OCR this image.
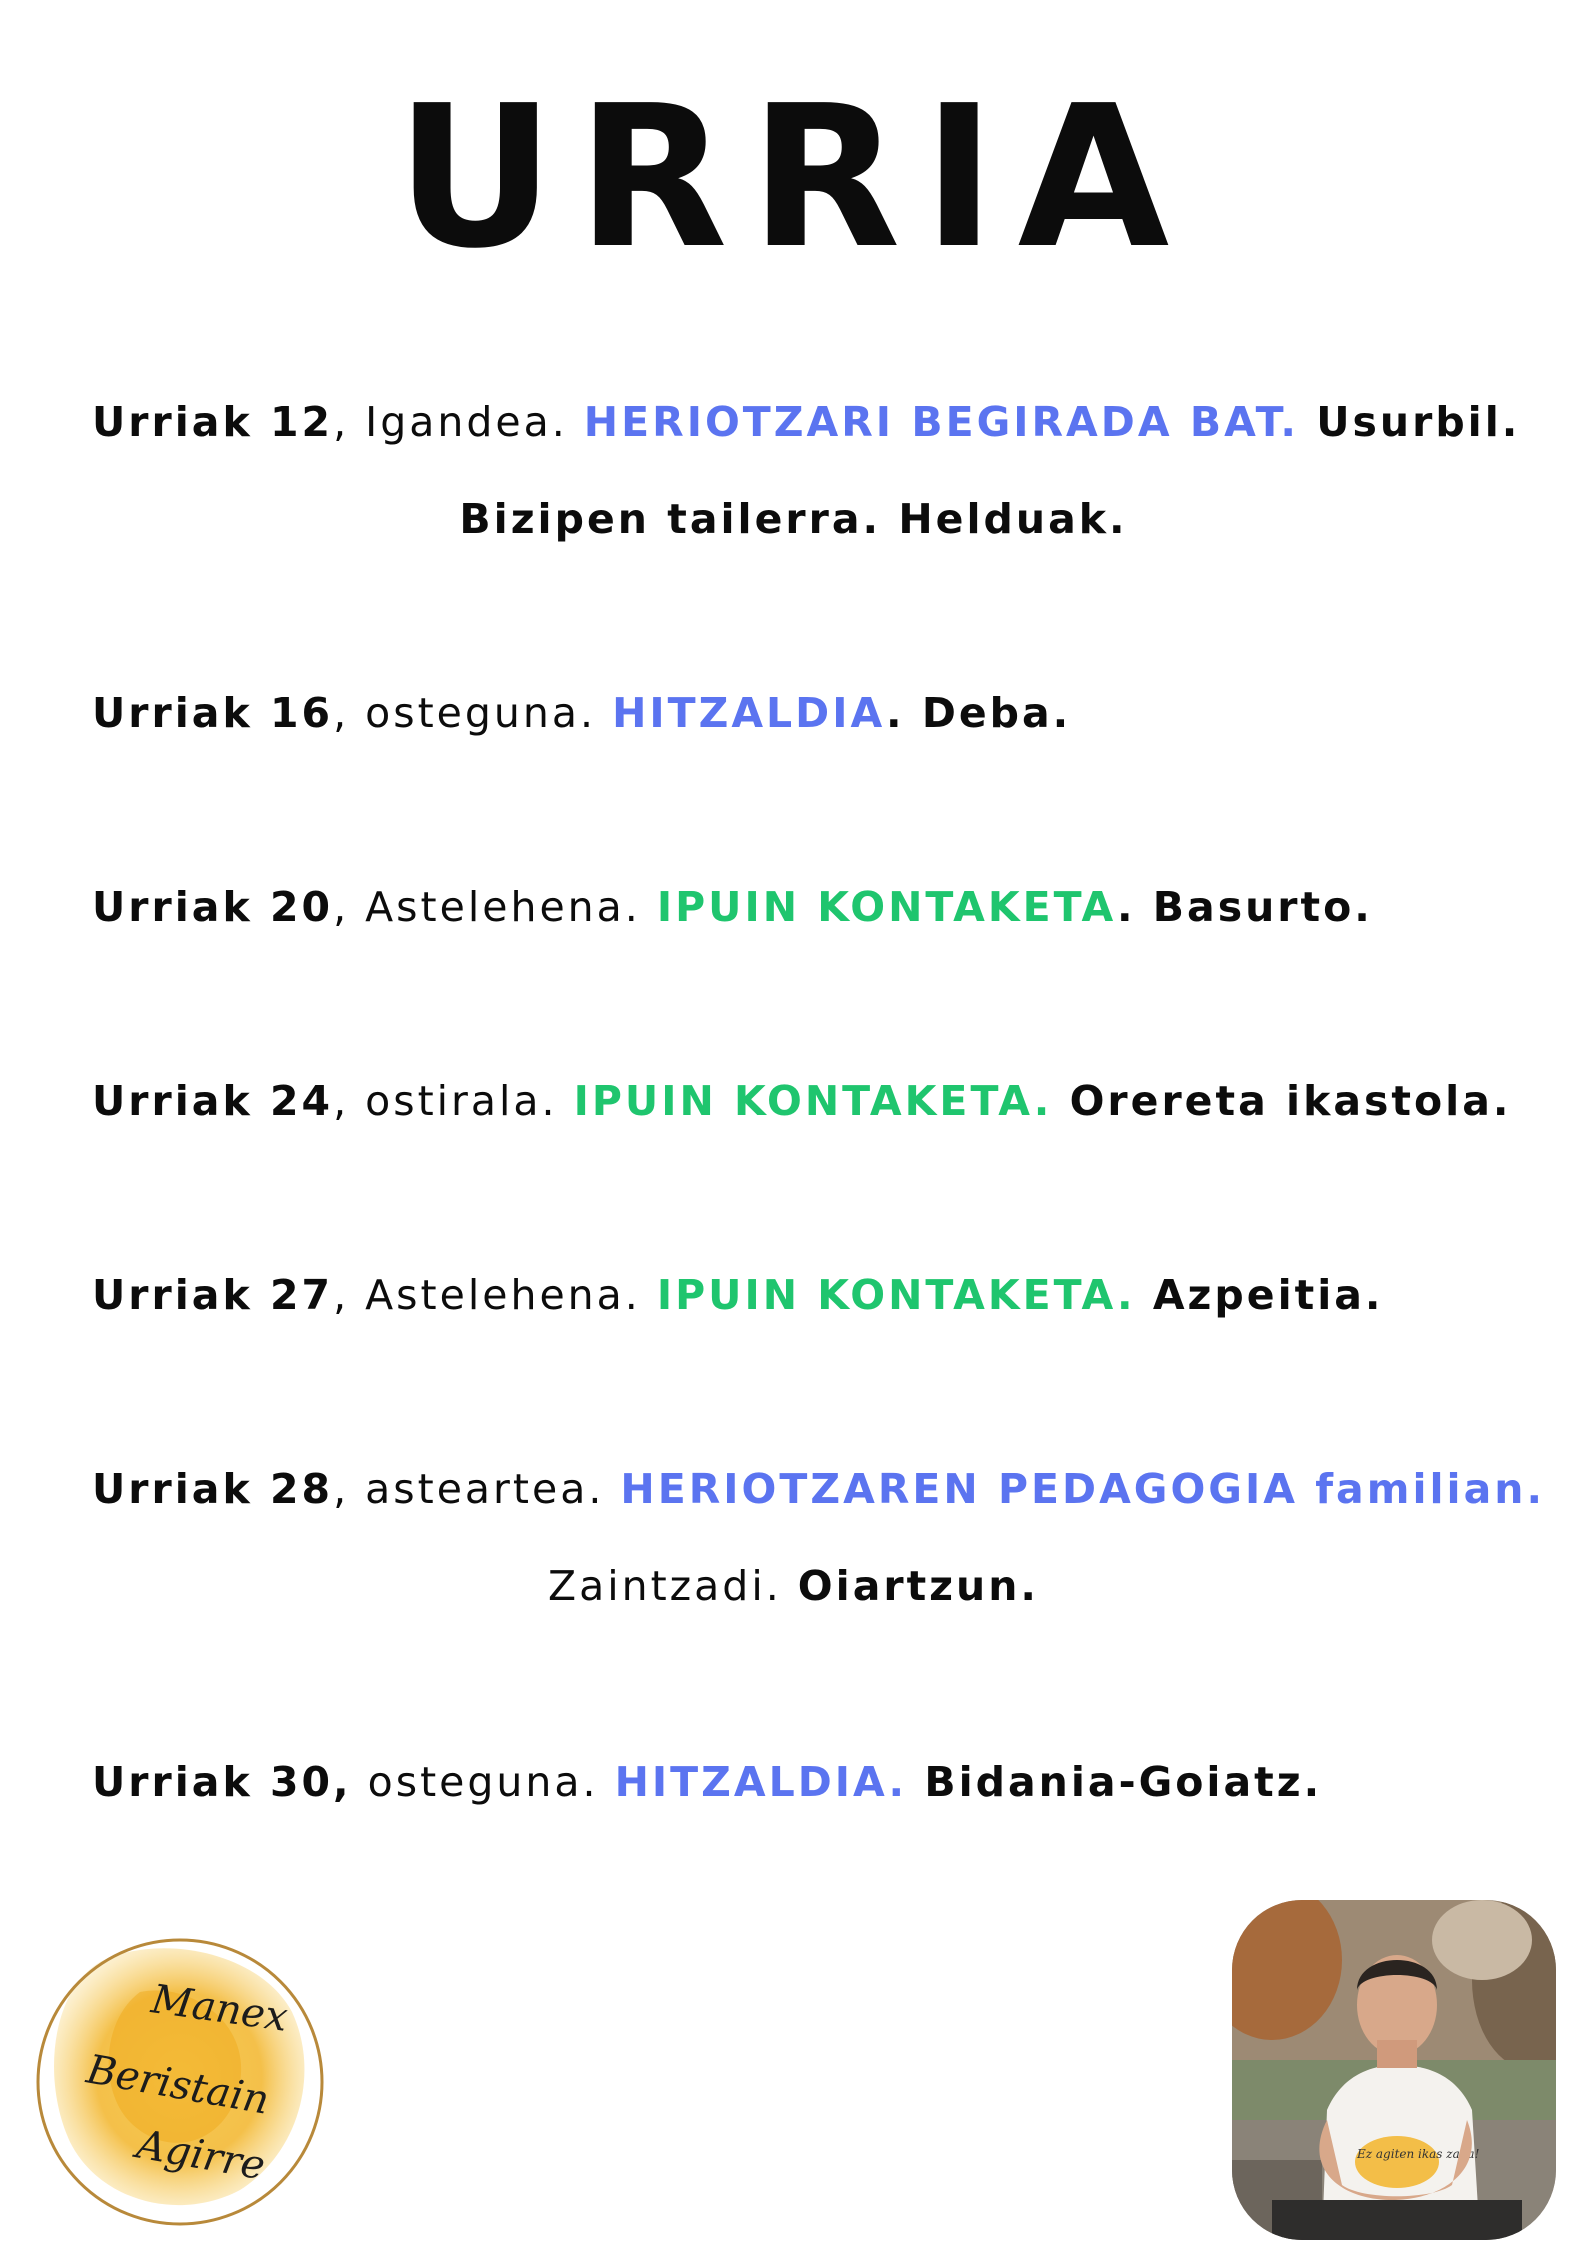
URRIA
Urriak 12, Igandea. HERIOTZARI BEGIRADA BAT. Usurbil.
Bizipen tailerra. Helduak.
Urriak 16, osteguna. HITZALDIA. Deba.
Urriak 20, Astelehena. IPUIN KONTAKETA. Basurto.
Urriak 24, ostirala. IPUIN KONTAKETA. Orereta ikastola.
Urriak 27, Astelehena. IPUIN KONTAKETA. Azpeitia.
Urriak 28, asteartea. HERIOTZAREN PEDAGOGIA familian.
Zaintzadi. Oiartzun.
Urriak 30, osteguna. HITZALDIA. Bidania-Goiatz.
Manex
Beristain
Agirre	Ez agiten ikas zaila!
